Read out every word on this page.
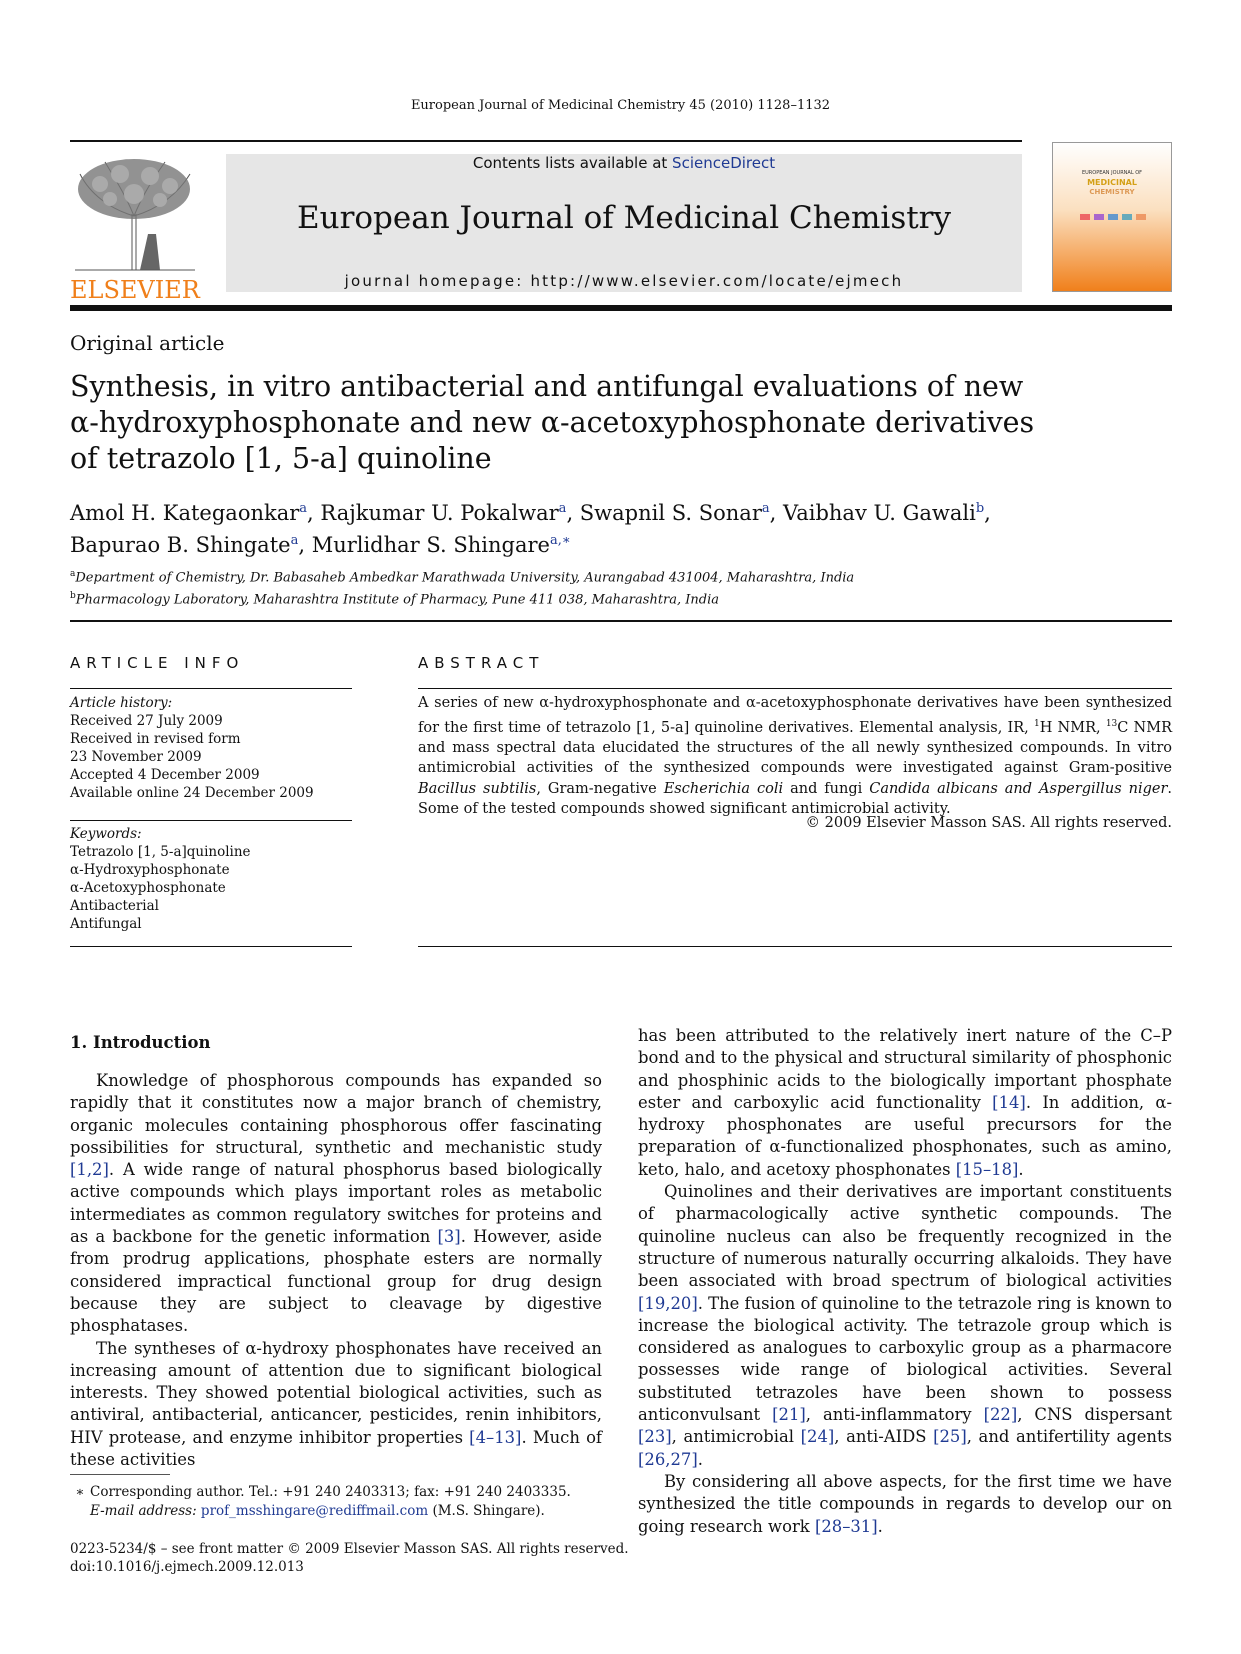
European Journal of Medicinal Chemistry 45 (2010) 1128–1132
ELSEVIER
Contents lists available at ScienceDirect
European Journal of Medicinal Chemistry
journal homepage: http://www.elsevier.com/locate/ejmech
EUROPEAN JOURNAL OF
MEDICINAL
CHEMISTRY
Original article
Synthesis, in vitro antibacterial and antifungal evaluations of new
α-hydroxyphosphonate and new α-acetoxyphosphonate derivatives
of tetrazolo [1, 5-a] quinoline
Amol H. Kategaonkar$^a$, Rajkumar U. Pokalwar$^a$, Swapnil S. Sonar$^a$, Vaibhav U. Gawali$^b$,
Bapurao B. Shingate$^a$, Murlidhar S. Shingare$^{a,∗}$
$^a$Department of Chemistry, Dr. Babasaheb Ambedkar Marathwada University, Aurangabad 431004, Maharashtra, India
$^b$Pharmacology Laboratory, Maharashtra Institute of Pharmacy, Pune 411 038, Maharashtra, India
ARTICLE INFO
Article history:
Received 27 July 2009
Received in revised form
23 November 2009
Accepted 4 December 2009
Available online 24 December 2009
Keywords:
Tetrazolo [1, 5-a]quinoline
α-Hydroxyphosphonate
α-Acetoxyphosphonate
Antibacterial
Antifungal
ABSTRACT
A series of new α-hydroxyphosphonate and α-acetoxyphosphonate derivatives have been synthesized for the first time of tetrazolo [1, 5-a] quinoline derivatives. Elemental analysis, IR, $^1$H NMR, $^{13}$C NMR and mass spectral data elucidated the structures of the all newly synthesized compounds. In vitro antimicrobial activities of the synthesized compounds were investigated against Gram-positive Bacillus subtilis, Gram-negative Escherichia coli and fungi Candida albicans and Aspergillus niger. Some of the tested compounds showed significant antimicrobial activity.
© 2009 Elsevier Masson SAS. All rights reserved.
1. Introduction

Knowledge of phosphorous compounds has expanded so rapidly that it constitutes now a major branch of chemistry, organic molecules containing phosphorous offer fascinating possibilities for structural, synthetic and mechanistic study [1,2]. A wide range of natural phosphorus based biologically active compounds which plays important roles as metabolic intermediates as common regulatory switches for proteins and as a backbone for the genetic information [3]. However, aside from prodrug applications, phosphate esters are normally considered impractical functional group for drug design because they are subject to cleavage by digestive phosphatases.

The syntheses of α-hydroxy phosphonates have received an increasing amount of attention due to significant biological interests. They showed potential biological activities, such as antiviral, antibacterial, anticancer, pesticides, renin inhibitors, HIV protease, and enzyme inhibitor properties [4–13]. Much of these activities

has been attributed to the relatively inert nature of the C–P bond and to the physical and structural similarity of phosphonic and phosphinic acids to the biologically important phosphate ester and carboxylic acid functionality [14]. In addition, α-hydroxy phosphonates are useful precursors for the preparation of α-functionalized phosphonates, such as amino, keto, halo, and acetoxy phosphonates [15–18].

Quinolines and their derivatives are important constituents of pharmacologically active synthetic compounds. The quinoline nucleus can also be frequently recognized in the structure of numerous naturally occurring alkaloids. They have been associated with broad spectrum of biological activities [19,20]. The fusion of quinoline to the tetrazole ring is known to increase the biological activity. The tetrazole group which is considered as analogues to carboxylic group as a pharmacore possesses wide range of biological activities. Several substituted tetrazoles have been shown to possess anticonvulsant [21], anti-inflammatory [22], CNS dispersant [23], antimicrobial [24], anti-AIDS [25], and antifertility agents [26,27].

By considering all above aspects, for the first time we have synthesized the title compounds in regards to develop our on going research work [28–31].

∗ Corresponding author. Tel.: +91 240 2403313; fax: +91 240 2403335.
E-mail address: prof_msshingare@rediffmail.com (M.S. Shingare).
0223-5234/$ – see front matter © 2009 Elsevier Masson SAS. All rights reserved.
doi:10.1016/j.ejmech.2009.12.013
